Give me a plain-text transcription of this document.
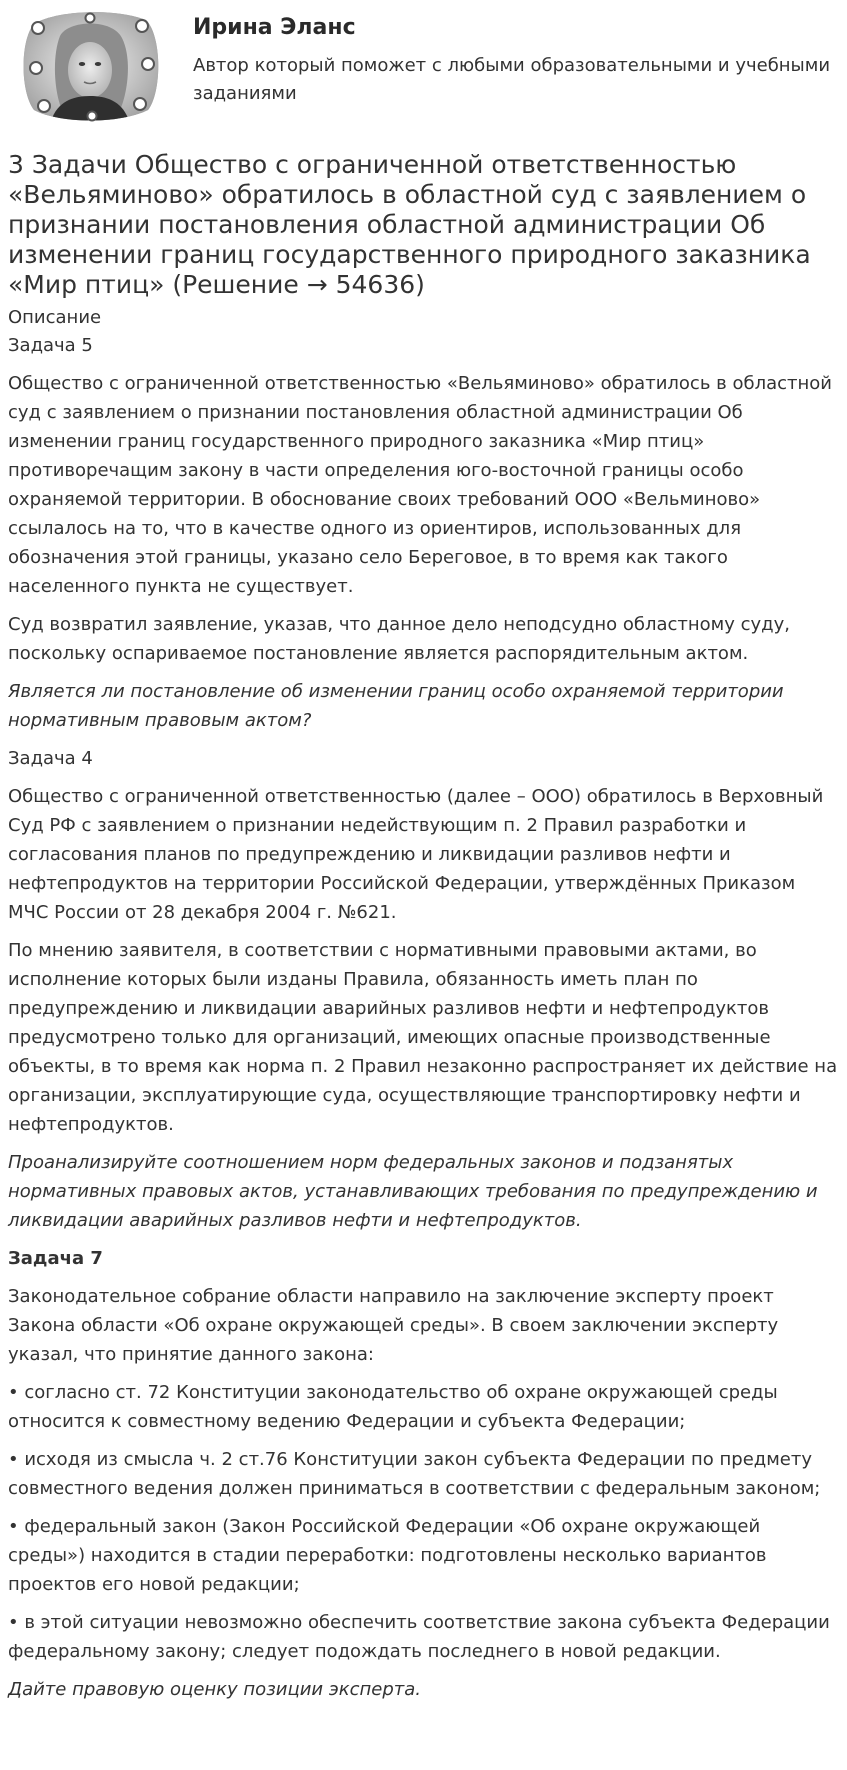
Ирина Эланс
Автор который поможет с любыми образовательными и учебными заданиями
3 Задачи Общество с ограниченной ответственностью «Вельяминово» обратилось в областной суд с заявлением о признании постановления областной администрации Об изменении границ государственного природного заказника «Мир птиц» (Решение → 54636)
Описание
Задача 5

Общество с ограниченной ответственностью «Вельяминово» обратилось в областной суд с заявлением о признании постановления областной администрации Об изменении границ государственного природного заказника «Мир птиц» противоречащим закону в части определения юго-восточной границы особо охраняемой территории. В обоснование своих требований ООО «Вельминово» ссылалось на то, что в качестве одного из ориентиров, использованных для обозначения этой границы, указано село Береговое, в то время как такого населенного пункта не существует.

Суд возвратил заявление, указав, что данное дело неподсудно областному суду, поскольку оспариваемое постановление является распорядительным актом.

Является ли постановление об изменении границ особо охраняемой территории нормативным правовым актом?

Задача 4

Общество с ограниченной ответственностью (далее – ООО) обратилось в Верховный Суд РФ с заявлением о признании недействующим п. 2 Правил разработки и согласования планов по предупреждению и ликвидации разливов нефти и нефтепродуктов на территории Российской Федерации, утверждённых Приказом МЧС России от 28 декабря 2004 г. №621.

По мнению заявителя, в соответствии с нормативными правовыми актами, во исполнение которых были изданы Правила, обязанность иметь план по предупреждению и ликвидации аварийных разливов нефти и нефтепродуктов предусмотрено только для организаций, имеющих опасные производственные объекты, в то время как норма п. 2 Правил незаконно распространяет их действие на организации, эксплуатирующие суда, осуществляющие транспортировку нефти и нефтепродуктов.

Проанализируйте соотношением норм федеральных законов и подзанятых нормативных правовых актов, устанавливающих требования по предупреждению и ликвидации аварийных разливов нефти и нефтепродуктов.

Задача 7

Законодательное собрание области направило на заключение эксперту проект Закона области «Об охране окружающей среды». В своем заключении эксперту указал, что принятие данного закона:

• согласно ст. 72 Конституции законодательство об охране окружающей среды относится к совместному ведению Федерации и субъекта Федерации;

• исходя из смысла ч. 2 ст.76 Конституции закон субъекта Федерации по предмету совместного ведения должен приниматься в соответствии с федеральным законом;

• федеральный закон (Закон Российской Федерации «Об охране окружающей среды») находится в стадии переработки: подготовлены несколько вариантов проектов его новой редакции;

• в этой ситуации невозможно обеспечить соответствие закона субъекта Федерации федеральному закону; следует подождать последнего в новой редакции.

Дайте правовую оценку позиции эксперта.
